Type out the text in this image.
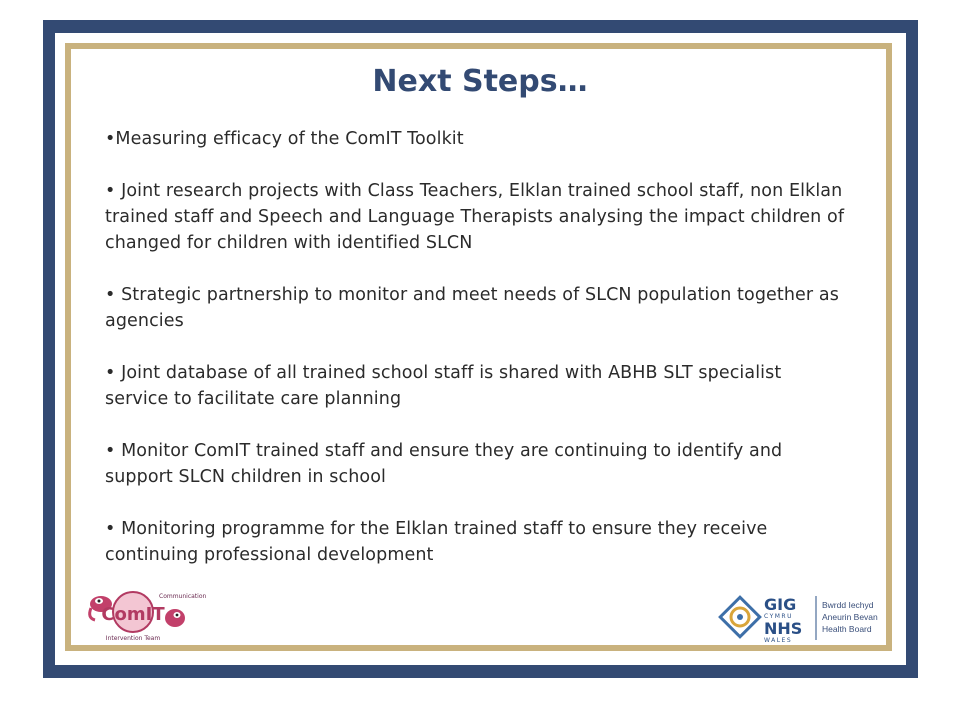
Next Steps…

•Measuring efficacy of the ComIT Toolkit

• Joint research projects with Class Teachers, Elklan trained school staff, non Elklan trained staff and Speech and Language Therapists analysing the impact children of changed for children with identified SLCN

• Strategic partnership to monitor and meet needs of SLCN population together as agencies

• Joint database of all trained school staff is shared with ABHB SLT specialist service to facilitate care planning

• Monitor ComIT trained staff and ensure they are continuing to identify and support SLCN children in school

• Monitoring programme for the Elklan trained staff to ensure they receive continuing professional development

ComIT
Communication
Intervention Team
GIG
CYMRU
NHS
WALES
Bwrdd Iechyd
Aneurin Bevan
Health Board
